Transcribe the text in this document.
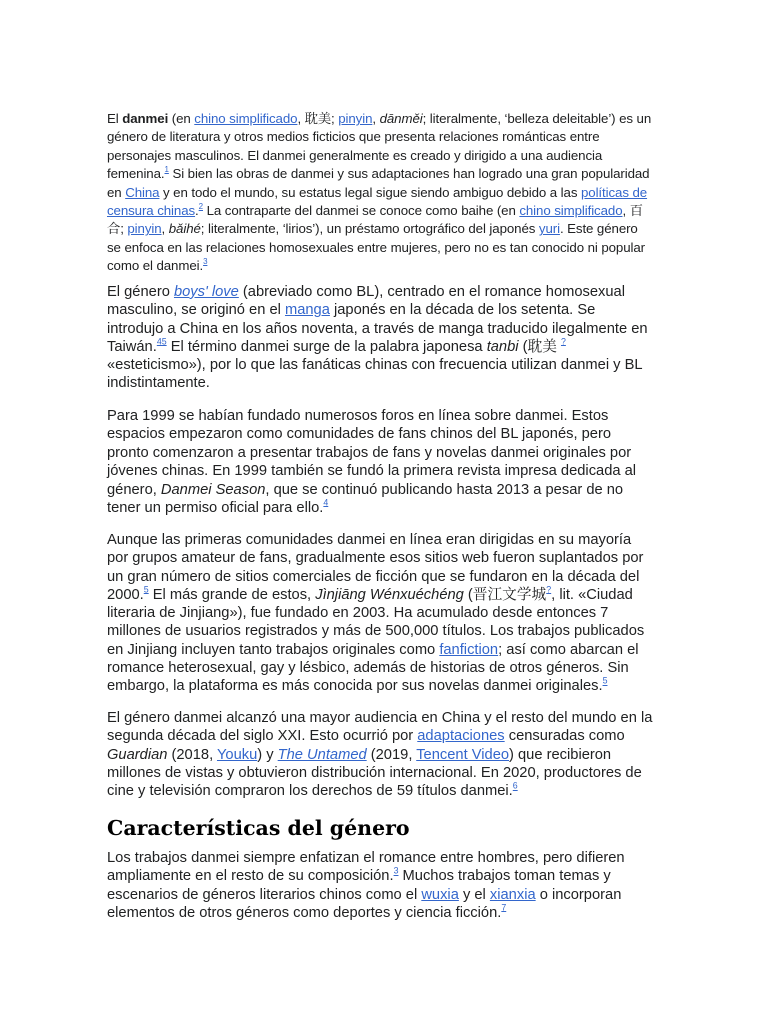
El danmei (en chino simplificado, 耽美; pinyin, dānměi; literalmente, ‘belleza deleitable’) es un género de literatura y otros medios ficticios que presenta relaciones románticas entre personajes masculinos. El danmei generalmente es creado y dirigido a una audiencia femenina.$^1$ Si bien las obras de danmei y sus adaptaciones han logrado una gran popularidad en China y en todo el mundo, su estatus legal sigue siendo ambiguo debido a las políticas de censura chinas.$^2$ La contraparte del danmei se conoce como baihe (en chino simplificado, 百合; pinyin, bǎihé; literalmente, ‘lirios’), un préstamo ortográfico del japonés yuri. Este género se enfoca en las relaciones homosexuales entre mujeres, pero no es tan conocido ni popular como el danmei.$^3$

El género boys' love (abreviado como BL), centrado en el romance homosexual masculino, se originó en el manga japonés en la década de los setenta. Se introdujo a China en los años noventa, a través de manga traducido ilegalmente en Taiwán.$^{45}$ El término danmei surge de la palabra japonesa tanbi (耽美 ? «esteticismo»), por lo que las fanáticas chinas con frecuencia utilizan danmei y BL indistintamente.

Para 1999 se habían fundado numerosos foros en línea sobre danmei. Estos espacios empezaron como comunidades de fans chinos del BL japonés, pero pronto comenzaron a presentar trabajos de fans y novelas danmei originales por jóvenes chinas. En 1999 también se fundó la primera revista impresa dedicada al género, Danmei Season, que se continuó publicando hasta 2013 a pesar de no tener un permiso oficial para ello.$^4$

Aunque las primeras comunidades danmei en línea eran dirigidas en su mayoría por grupos amateur de fans, gradualmente esos sitios web fueron suplantados por un gran número de sitios comerciales de ficción que se fundaron en la década del 2000.$^5$ El más grande de estos, Jìnjiāng Wénxuéchéng (晋江文学城?, lit. «Ciudad literaria de Jinjiang»), fue fundado en 2003. Ha acumulado desde entonces 7 millones de usuarios registrados y más de 500,000 títulos. Los trabajos publicados en Jinjiang incluyen tanto trabajos originales como fanfiction; así como abarcan el romance heterosexual, gay y lésbico, además de historias de otros géneros. Sin embargo, la plataforma es más conocida por sus novelas danmei originales.$^5$

El género danmei alcanzó una mayor audiencia en China y el resto del mundo en la segunda década del siglo XXI. Esto ocurrió por adaptaciones censuradas como Guardian (2018, Youku) y The Untamed (2019, Tencent Video) que recibieron millones de vistas y obtuvieron distribución internacional. En 2020, productores de cine y televisión compraron los derechos de 59 títulos danmei.$^6$

Características del género

Los trabajos danmei siempre enfatizan el romance entre hombres, pero difieren ampliamente en el resto de su composición.$^3$ Muchos trabajos toman temas y escenarios de géneros literarios chinos como el wuxia y el xianxia o incorporan elementos de otros géneros como deportes y ciencia ficción.$^7$
